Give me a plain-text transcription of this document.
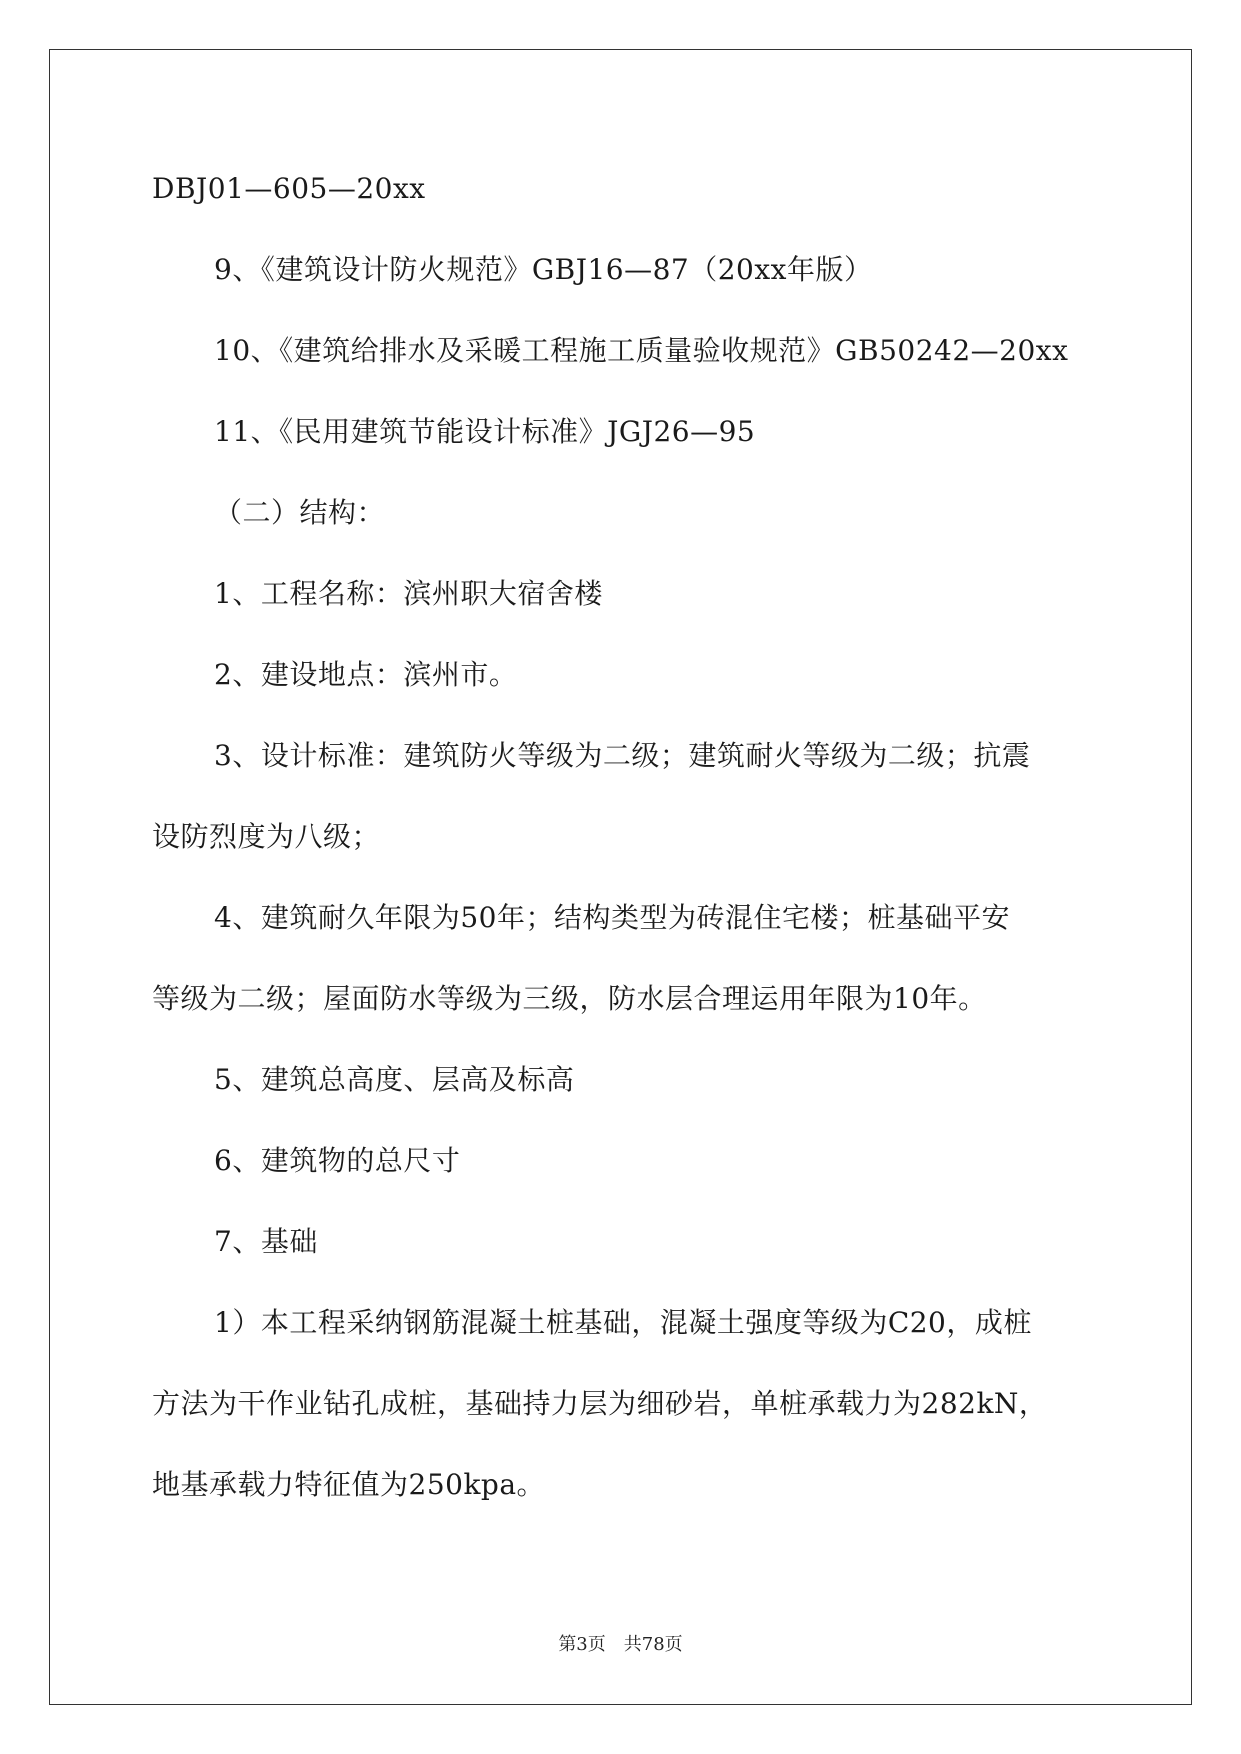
DBJ01—605—20xx
9、《建筑设计防火规范》GBJ16—87（20xx年版）
10、《建筑给排水及采暖工程施工质量验收规范》GB50242—20xx
11、《民用建筑节能设计标准》JGJ26—95
（二）结构：
1、工程名称：滨州职大宿舍楼
2、建设地点：滨州市。
3、设计标准：建筑防火等级为二级；建筑耐火等级为二级；抗震
设防烈度为八级；
4、建筑耐久年限为50年；结构类型为砖混住宅楼；桩基础平安
等级为二级；屋面防水等级为三级，防水层合理运用年限为10年。
5、建筑总高度、层高及标高
6、建筑物的总尺寸
7、基础
1）本工程采纳钢筋混凝土桩基础，混凝土强度等级为C20，成桩
方法为干作业钻孔成桩，基础持力层为细砂岩，单桩承载力为282kN，
地基承载力特征值为250kpa。
第3页　共78页
